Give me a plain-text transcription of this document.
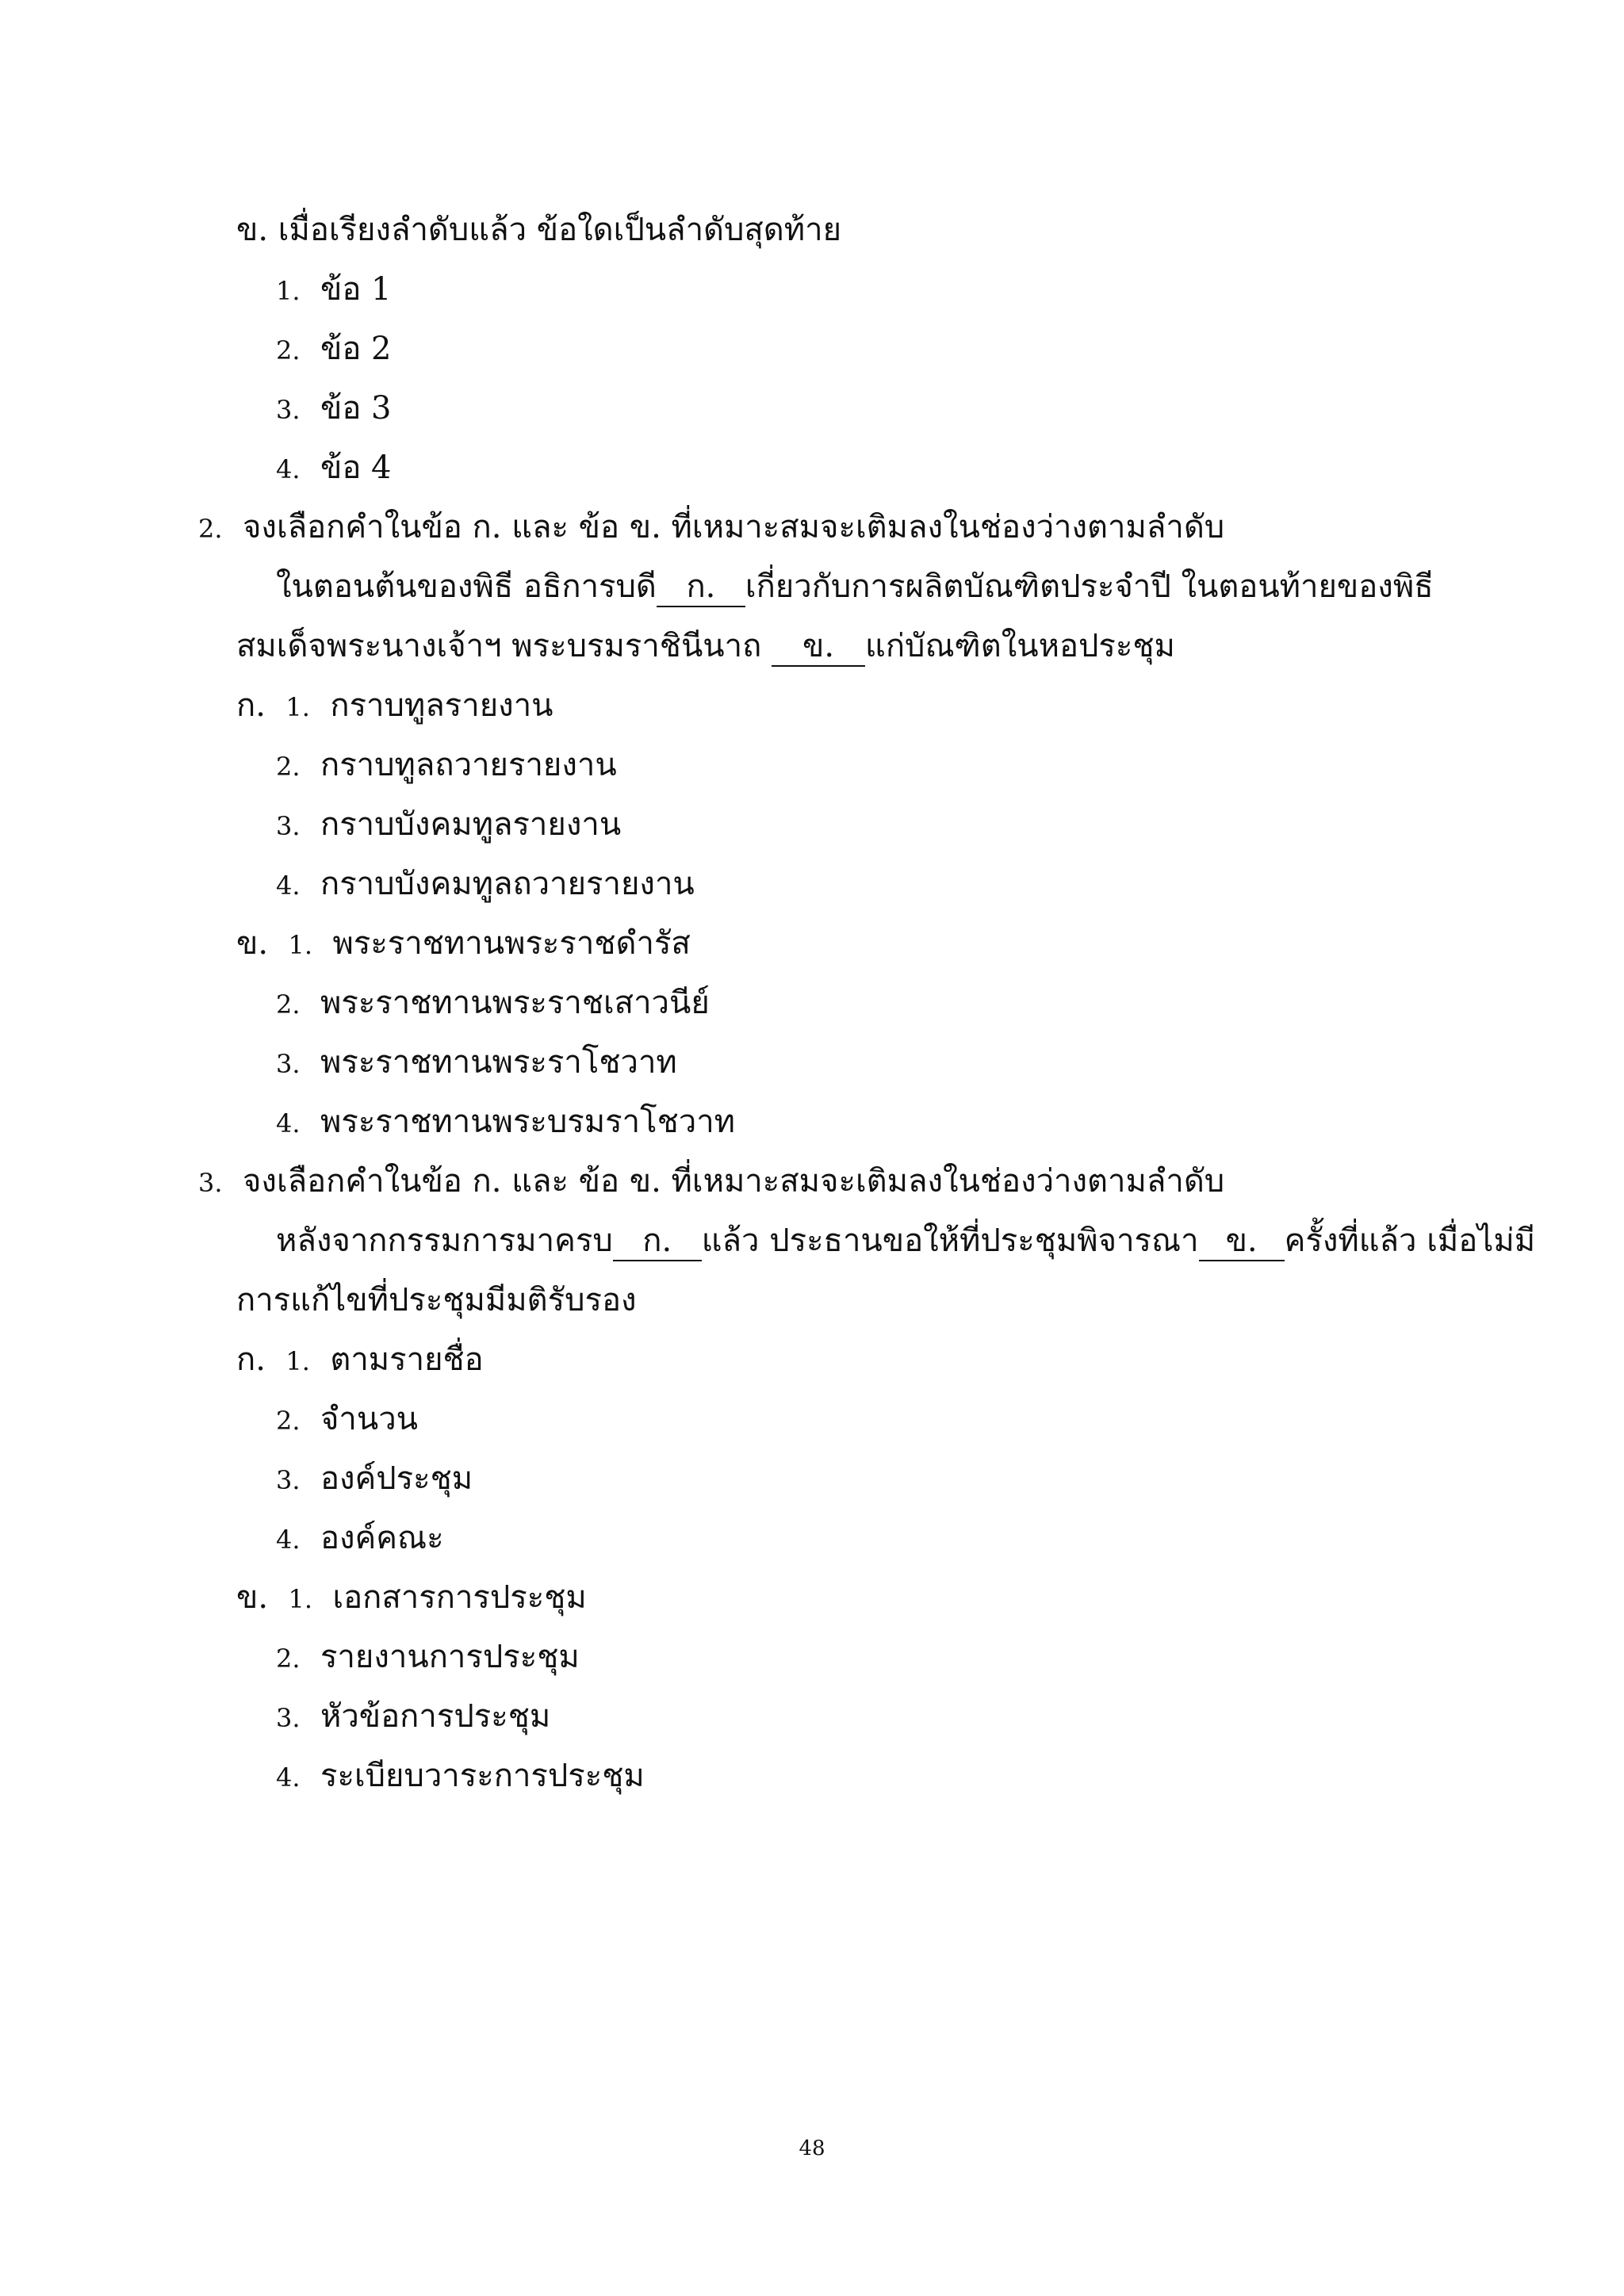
ข. เมื่อเรียงลำดับแล้ว ข้อใดเป็นลำดับสุดท้าย
1. ข้อ 1
2. ข้อ 2
3. ข้อ 3
4. ข้อ 4
2. จงเลือกคำในข้อ ก. และ ข้อ ข. ที่เหมาะสมจะเติมลงในช่องว่างตามลำดับ
ในตอนต้นของพิธี อธิการบดี ก. เกี่ยวกับการผลิตบัณฑิตประจำปี ในตอนท้ายของพิธี
สมเด็จพระนางเจ้าฯ พระบรมราชินีนาถ ข. แก่บัณฑิตในหอประชุม
ก. 1. กราบทูลรายงาน
2. กราบทูลถวายรายงาน
3. กราบบังคมทูลรายงาน
4. กราบบังคมทูลถวายรายงาน
ข. 1. พระราชทานพระราชดำรัส
2. พระราชทานพระราชเสาวนีย์
3. พระราชทานพระราโชวาท
4. พระราชทานพระบรมราโชวาท
3. จงเลือกคำในข้อ ก. และ ข้อ ข. ที่เหมาะสมจะเติมลงในช่องว่างตามลำดับ
หลังจากกรรมการมาครบ ก. แล้ว ประธานขอให้ที่ประชุมพิจารณา ข. ครั้งที่แล้ว เมื่อไม่มี
การแก้ไขที่ประชุมมีมติรับรอง
ก. 1. ตามรายชื่อ
2. จำนวน
3. องค์ประชุม
4. องค์คณะ
ข. 1. เอกสารการประชุม
2. รายงานการประชุม
3. หัวข้อการประชุม
4. ระเบียบวาระการประชุม
48
